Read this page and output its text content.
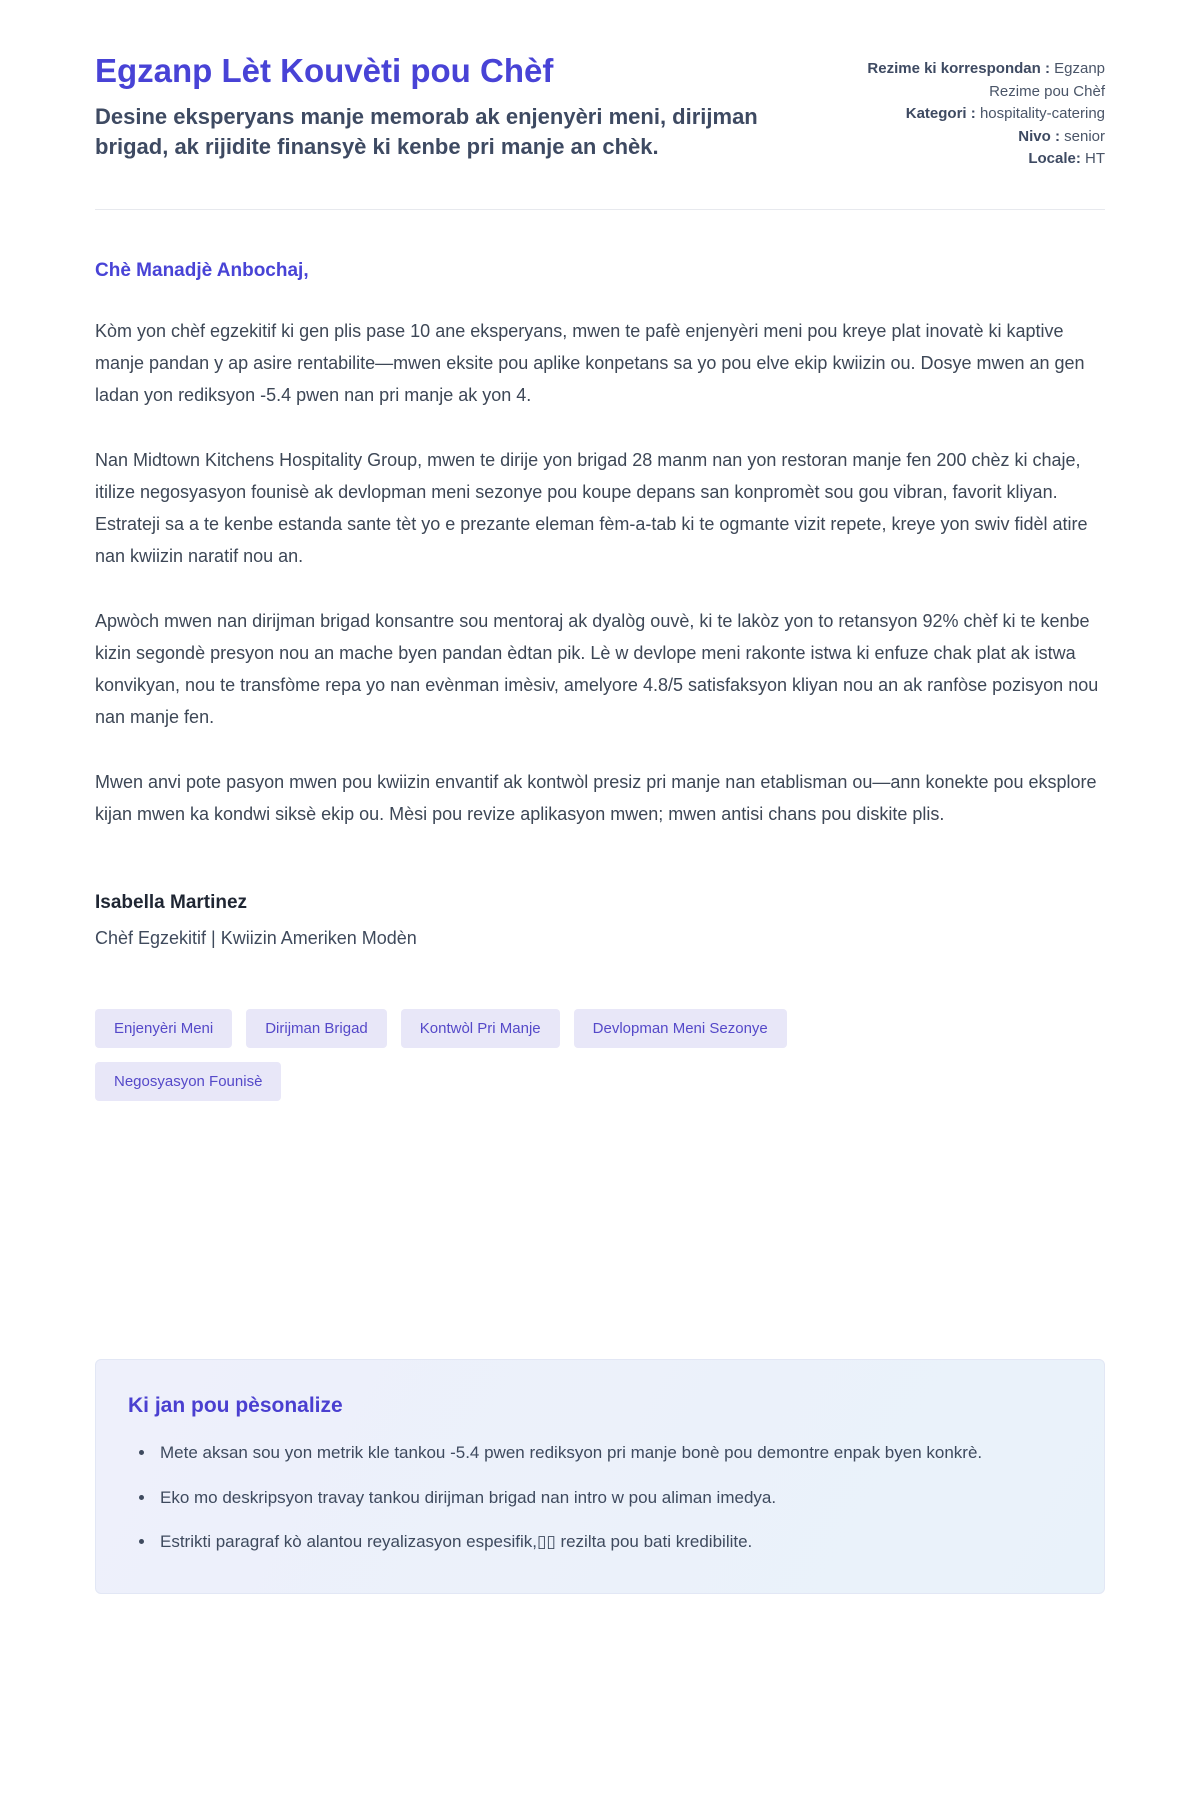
Egzanp Lèt Kouvèti pou Chèf

Desine eksperyans manje memorab ak enjenyèri meni, dirijman brigad, ak rijidite finansyè ki kenbe pri manje an chèk.

Rezime ki korrespondan : Egzanp Rezime pou Chèf
Kategori : hospitality-catering
Nivo : senior
Locale: HT
Chè Manadjè Anbochaj,

Kòm yon chèf egzekitif ki gen plis pase 10 ane eksperyans, mwen te pafè enjenyèri meni pou kreye plat inovatè ki kaptive manje pandan y ap asire rentabilite—mwen eksite pou aplike konpetans sa yo pou elve ekip kwiizin ou. Dosye mwen an gen ladan yon rediksyon -5.4 pwen nan pri manje ak yon 4.

Nan Midtown Kitchens Hospitality Group, mwen te dirije yon brigad 28 manm nan yon restoran manje fen 200 chèz ki chaje, itilize negosyasyon founisè ak devlopman meni sezonye pou koupe depans san konpromèt sou gou vibran, favorit kliyan. Estrateji sa a te kenbe estanda sante tèt yo e prezante eleman fèm-a-tab ki te ogmante vizit repete, kreye yon swiv fidèl atire nan kwiizin naratif nou an.

Apwòch mwen nan dirijman brigad konsantre sou mentoraj ak dyalòg ouvè, ki te lakòz yon to retansyon 92% chèf ki te kenbe kizin segondè presyon nou an mache byen pandan èdtan pik. Lè w devlope meni rakonte istwa ki enfuze chak plat ak istwa konvikyan, nou te transfòme repa yo nan evènman imèsiv, amelyore 4.8/5 satisfaksyon kliyan nou an ak ranfòse pozisyon nou nan manje fen.

Mwen anvi pote pasyon mwen pou kwiizin envantif ak kontwòl presiz pri manje nan etablisman ou—ann konekte pou eksplore kijan mwen ka kondwi siksè ekip ou. Mèsi pou revize aplikasyon mwen; mwen antisi chans pou diskite plis.

Isabella Martinez
Chèf Egzekitif | Kwiizin Ameriken Modèn
Enjenyèri Meni	Dirijman Brigad	Kontwòl Pri Manje	Devlopman Meni Sezonye
Negosyasyon Founisè
Ki jan pou pèsonalize
• Mete aksan sou yon metrik kle tankou -5.4 pwen rediksyon pri manje bonè pou demontre enpak byen konkrè.
• Eko mo deskripsyon travay tankou dirijman brigad nan intro w pou aliman imedya.
• Estrikti paragraf kò alantou reyalizasyon espesifik,▯▯ rezilta pou bati kredibilite.
